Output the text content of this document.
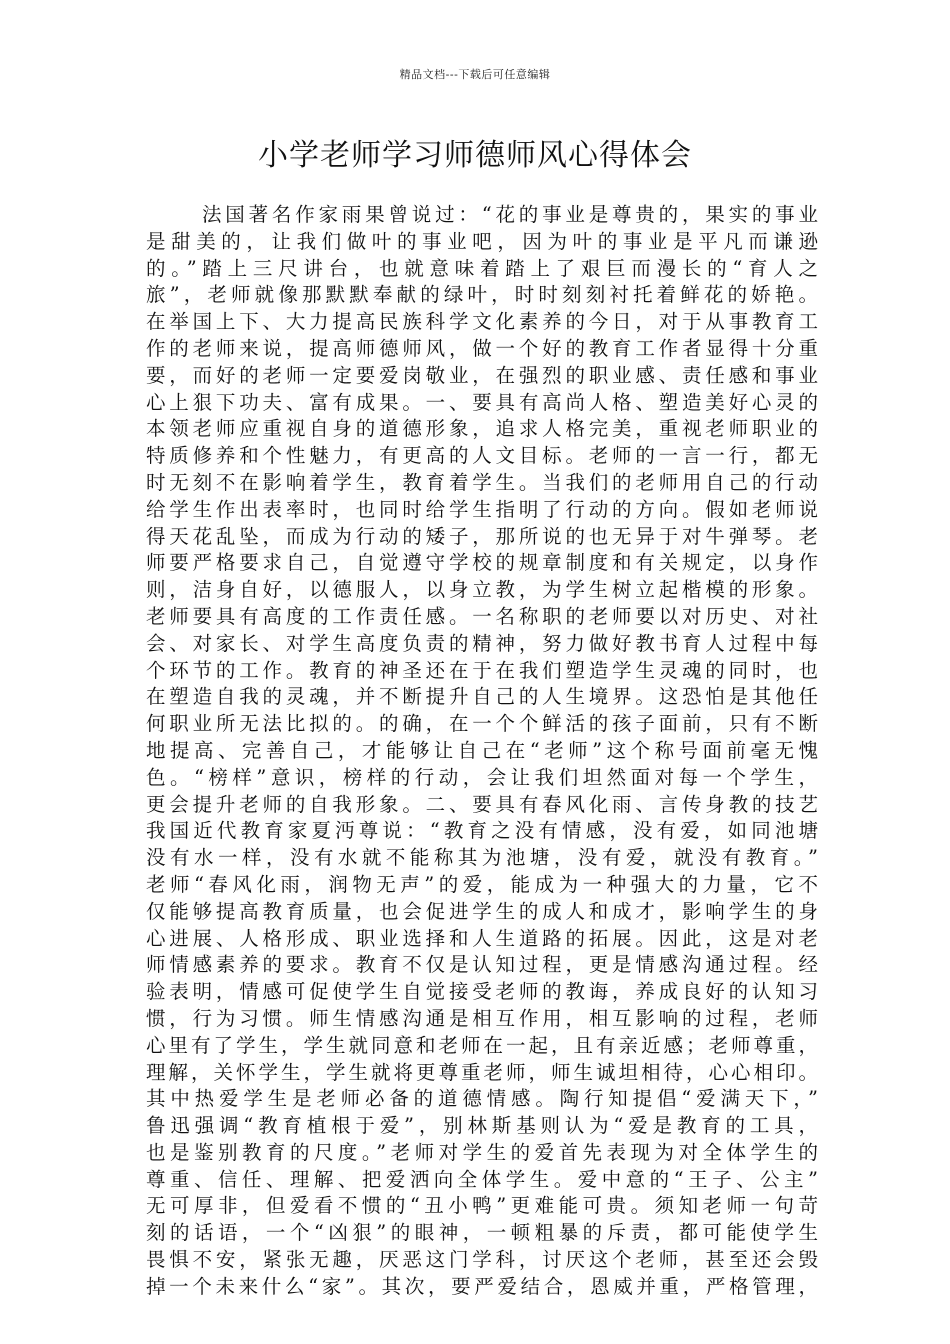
精品文档---下载后可任意编辑
小学老师学习师德师风心得体会
法国著名作家雨果曾说过：“花的事业是尊贵的，果实的事业
是甜美的，让我们做叶的事业吧，因为叶的事业是平凡而谦逊
的。”踏上三尺讲台，也就意味着踏上了艰巨而漫长的“育人之
旅”，老师就像那默默奉献的绿叶，时时刻刻衬托着鲜花的娇艳。
在举国上下、大力提高民族科学文化素养的今日，对于从事教育工
作的老师来说，提高师德师风，做一个好的教育工作者显得十分重
要，而好的老师一定要爱岗敬业，在强烈的职业感、责任感和事业
心上狠下功夫、富有成果。一、要具有高尚人格、塑造美好心灵的
本领老师应重视自身的道德形象，追求人格完美，重视老师职业的
特质修养和个性魅力，有更高的人文目标。老师的一言一行，都无
时无刻不在影响着学生，教育着学生。当我们的老师用自己的行动
给学生作出表率时，也同时给学生指明了行动的方向。假如老师说
得天花乱坠，而成为行动的矮子，那所说的也无异于对牛弹琴。老
师要严格要求自己，自觉遵守学校的规章制度和有关规定，以身作
则，洁身自好，以德服人，以身立教，为学生树立起楷模的形象。
老师要具有高度的工作责任感。一名称职的老师要以对历史、对社
会、对家长、对学生高度负责的精神，努力做好教书育人过程中每
个环节的工作。教育的神圣还在于在我们塑造学生灵魂的同时，也
在塑造自我的灵魂，并不断提升自己的人生境界。这恐怕是其他任
何职业所无法比拟的。的确，在一个个鲜活的孩子面前，只有不断
地提高、完善自己，才能够让自己在“老师”这个称号面前毫无愧
色。“榜样”意识，榜样的行动，会让我们坦然面对每一个学生，
更会提升老师的自我形象。二、要具有春风化雨、言传身教的技艺
我国近代教育家夏沔尊说：“教育之没有情感，没有爱，如同池塘
没有水一样，没有水就不能称其为池塘，没有爱，就没有教育。”
老师“春风化雨，润物无声”的爱，能成为一种强大的力量，它不
仅能够提高教育质量，也会促进学生的成人和成才，影响学生的身
心进展、人格形成、职业选择和人生道路的拓展。因此，这是对老
师情感素养的要求。教育不仅是认知过程，更是情感沟通过程。经
验表明，情感可促使学生自觉接受老师的教诲，养成良好的认知习
惯，行为习惯。师生情感沟通是相互作用，相互影响的过程，老师
心里有了学生，学生就同意和老师在一起，且有亲近感；老师尊重，
理解，关怀学生，学生就将更尊重老师，师生诚坦相待，心心相印。
其中热爱学生是老师必备的道德情感。陶行知提倡“爱满天下，”
鲁迅强调“教育植根于爱”，别林斯基则认为“爱是教育的工具，
也是鉴别教育的尺度。”老师对学生的爱首先表现为对全体学生的
尊重、信任、理解、把爱洒向全体学生。爱中意的“王子、公主”
无可厚非，但爱看不惯的“丑小鸭”更难能可贵。须知老师一句苛
刻的话语，一个“凶狠”的眼神，一顿粗暴的斥责，都可能使学生
畏惧不安，紧张无趣，厌恶这门学科，讨厌这个老师，甚至还会毁
掉一个未来什么“家”。其次，要严爱结合，恩威并重，严格管理，
